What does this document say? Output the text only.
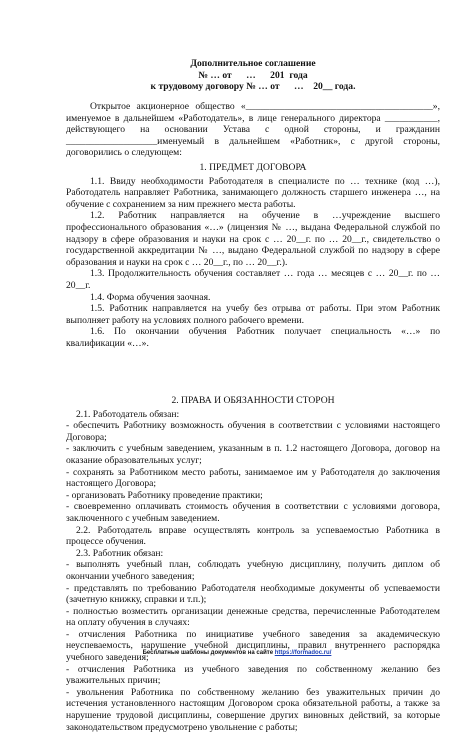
Дополнительное соглашение

№ … от      …      201  года

к трудовому договору № … от      …    20__ года.

Открытое акционерное общество «_______________________________________», именуемое в дальнейшем «Работодатель», в лице генерального директора ___________, действующего на основании Устава с одной стороны, и гражданин ___________________именуемый в дальнейшем «Работник», с другой стороны, договорились о следующем:

1. ПРЕДМЕТ ДОГОВОРА

1.1. Ввиду необходимости Работодателя в специалисте по … технике (код …), Работодатель направляет Работника, занимающего должность старшего инженера …, на обучение с сохранением за ним прежнего места работы.

1.2. Работник направляется на обучение в …учреждение высшего профессионального образования «…» (лицензия № …, выдана Федеральной службой по надзору в сфере образования и науки на срок с … 20__г. по … 20__г., свидетельство о государственной аккредитации № …, выдано Федеральной службой по надзору в сфере образования и науки на срок с … 20__г., по … 20__г.).

1.3. Продолжительность обучения составляет … года … месяцев с … 20__г. по … 20__г.

1.4. Форма обучения заочная.

1.5. Работник направляется на учебу без отрыва от работы. При этом Работник выполняет работу на условиях полного рабочего времени.

1.6. По окончании обучения Работник получает специальность «…» по квалификации «…».

2. ПРАВА И ОБЯЗАННОСТИ СТОРОН

2.1. Работодатель обязан:

- обеспечить Работнику возможность обучения в соответствии с условиями настоящего Договора;

- заключить с учебным заведением, указанным в п. 1.2 настоящего Договора, договор на оказание образовательных услуг;

- сохранять за Работником место работы, занимаемое им у Работодателя до заключения настоящего Договора;

- организовать Работнику проведение практики;

- своевременно оплачивать стоимость обучения в соответствии с условиями договора, заключенного с учебным заведением.

2.2. Работодатель вправе осуществлять контроль за успеваемостью Работника в процессе обучения.

2.3. Работник обязан:

- выполнять учебный план, соблюдать учебную дисциплину, получить диплом об окончании учебного заведения;

- представлять по требованию Работодателя необходимые документы об успеваемости (зачетную книжку, справки и т.п.);

- полностью возместить организации денежные средства, перечисленные Работодателем на оплату обучения в случаях:

- отчисления Работника по инициативе учебного заведения за академическую неуспеваемость, нарушение учебной дисциплины, правил внутреннего распорядка учебного заведения;

- отчисления Работника из учебного заведения по собственному желанию без уважительных причин;

- увольнения Работника по собственному желанию без уважительных причин до истечения установленного настоящим Договором срока обязательной работы, а также за нарушение трудовой дисциплины, совершение других виновных действий, за которые законодательством предусмотрено увольнение с работы;

Бесплатные шаблоны документов на сайте https://formadoc.ru/
